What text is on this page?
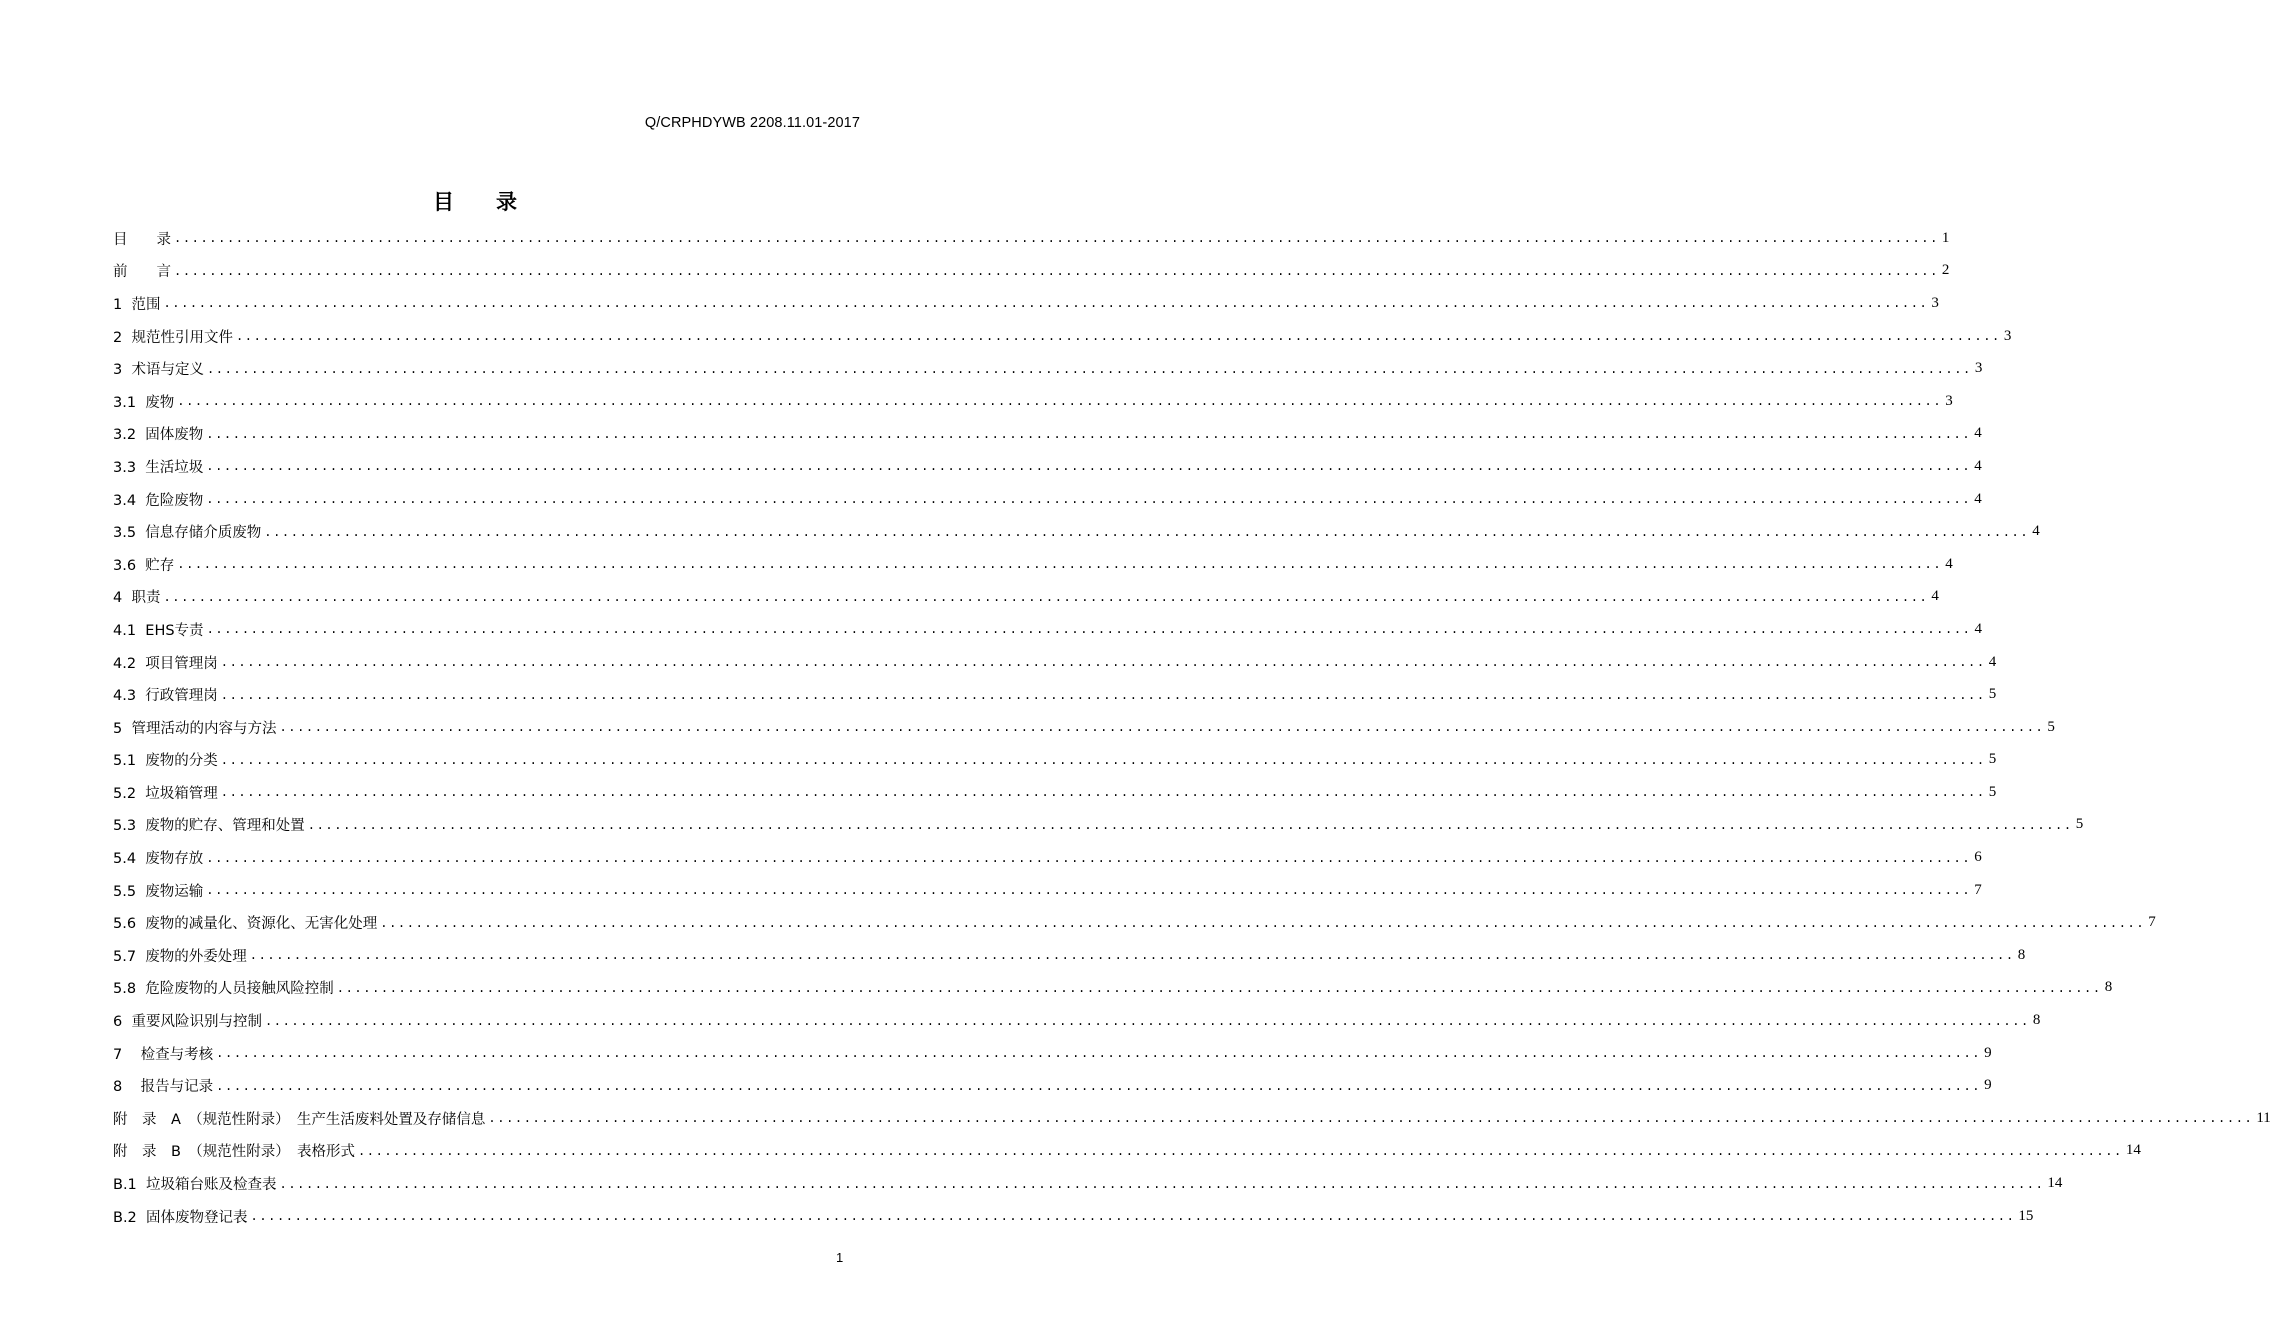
Q/CRPHDYWB 2208.11.01-2017
目　　录
目　　录 ........................................................................................................................................................................................................ 1
前　　言 ........................................................................................................................................................................................................ 2
1  范围 ........................................................................................................................................................................................................ 3
2  规范性引用文件 ........................................................................................................................................................................................................ 3
3  术语与定义 ........................................................................................................................................................................................................ 3
3.1  废物 ........................................................................................................................................................................................................ 3
3.2  固体废物 ........................................................................................................................................................................................................ 4
3.3  生活垃圾 ........................................................................................................................................................................................................ 4
3.4  危险废物 ........................................................................................................................................................................................................ 4
3.5  信息存储介质废物 ........................................................................................................................................................................................................ 4
3.6  贮存 ........................................................................................................................................................................................................ 4
4  职责 ........................................................................................................................................................................................................ 4
4.1  EHS专责 ........................................................................................................................................................................................................ 4
4.2  项目管理岗 ........................................................................................................................................................................................................ 4
4.3  行政管理岗 ........................................................................................................................................................................................................ 5
5  管理活动的内容与方法 ........................................................................................................................................................................................................ 5
5.1  废物的分类 ........................................................................................................................................................................................................ 5
5.2  垃圾箱管理 ........................................................................................................................................................................................................ 5
5.3  废物的贮存、管理和处置 ........................................................................................................................................................................................................ 5
5.4  废物存放 ........................................................................................................................................................................................................ 6
5.5  废物运输 ........................................................................................................................................................................................................ 7
5.6  废物的减量化、资源化、无害化处理 ........................................................................................................................................................................................................ 7
5.7  废物的外委处理 ........................................................................................................................................................................................................ 8
5.8  危险废物的人员接触风险控制 ........................................................................................................................................................................................................ 8
6  重要风险识别与控制 ........................................................................................................................................................................................................ 8
7    检查与考核 ........................................................................................................................................................................................................ 9
8    报告与记录 ........................................................................................................................................................................................................ 9
附　录　A　（规范性附录）　生产生活废料处置及存储信息 ........................................................................................................................................................................................................ 11
附　录　B　（规范性附录）　表格形式 ........................................................................................................................................................................................................ 14
B.1  垃圾箱台账及检查表 ........................................................................................................................................................................................................ 14
B.2  固体废物登记表 ........................................................................................................................................................................................................ 15
1
